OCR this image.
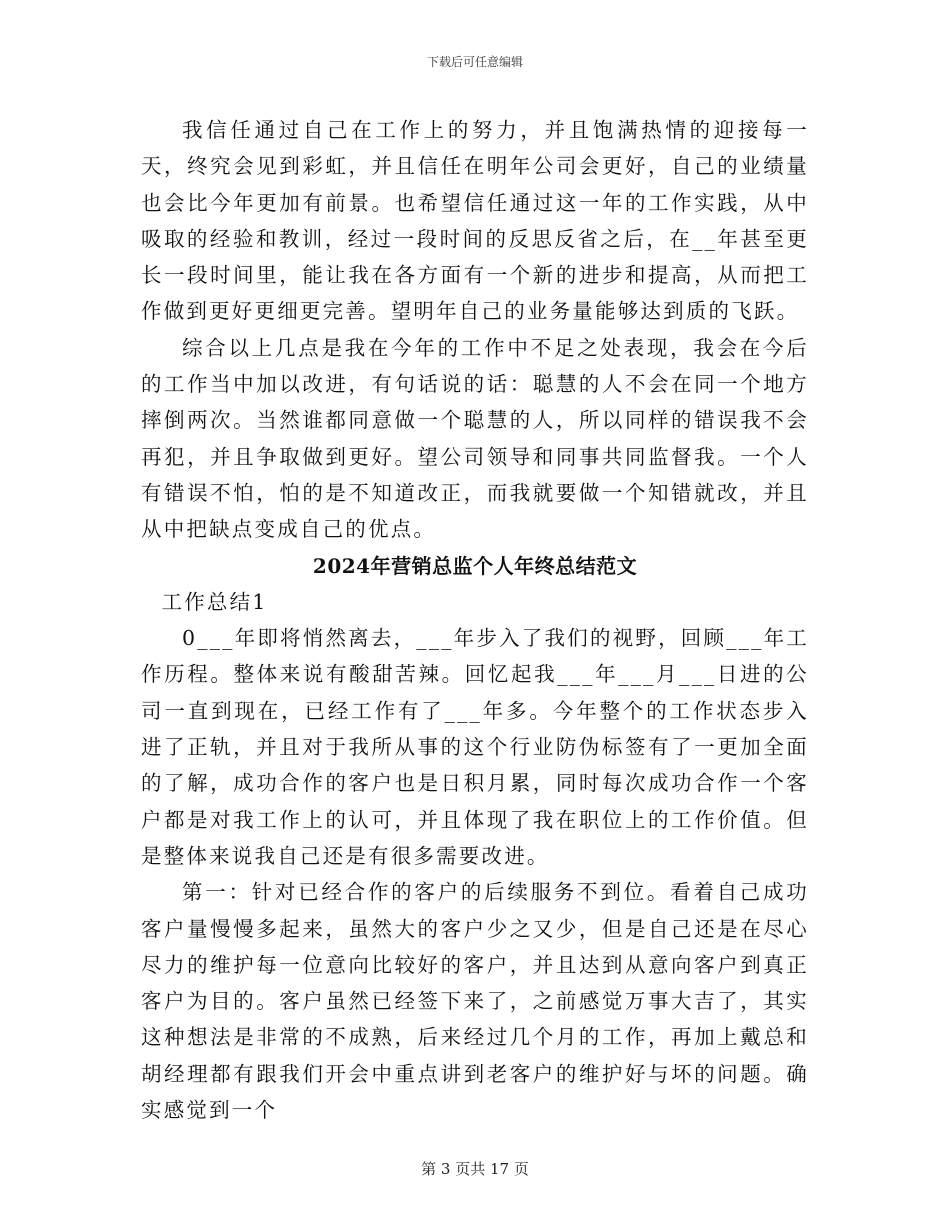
下载后可任意编辑

我信任通过自己在工作上的努力，并且饱满热情的迎接每一天，终究会见到彩虹，并且信任在明年公司会更好，自己的业绩量也会比今年更加有前景。也希望信任通过这一年的工作实践，从中吸取的经验和教训，经过一段时间的反思反省之后，在__年甚至更长一段时间里，能让我在各方面有一个新的进步和提高，从而把工作做到更好更细更完善。望明年自己的业务量能够达到质的飞跃。

综合以上几点是我在今年的工作中不足之处表现，我会在今后的工作当中加以改进，有句话说的话：聪慧的人不会在同一个地方摔倒两次。当然谁都同意做一个聪慧的人，所以同样的错误我不会再犯，并且争取做到更好。望公司领导和同事共同监督我。一个人有错误不怕，怕的是不知道改正，而我就要做一个知错就改，并且从中把缺点变成自己的优点。

2024年营销总监个人年终总结范文

工作总结1

0___年即将悄然离去，___年步入了我们的视野，回顾___年工作历程。整体来说有酸甜苦辣。回忆起我___年___月___日进的公司一直到现在，已经工作有了___年多。今年整个的工作状态步入进了正轨，并且对于我所从事的这个行业防伪标签有了一更加全面的了解，成功合作的客户也是日积月累，同时每次成功合作一个客户都是对我工作上的认可，并且体现了我在职位上的工作价值。但是整体来说我自己还是有很多需要改进。

第一：针对已经合作的客户的后续服务不到位。看着自己成功客户量慢慢多起来，虽然大的客户少之又少，但是自己还是在尽心尽力的维护每一位意向比较好的客户，并且达到从意向客户到真正客户为目的。客户虽然已经签下来了，之前感觉万事大吉了，其实这种想法是非常的不成熟，后来经过几个月的工作，再加上戴总和胡经理都有跟我们开会中重点讲到老客户的维护好与坏的问题。确实感觉到一个

第 3 页共 17 页
